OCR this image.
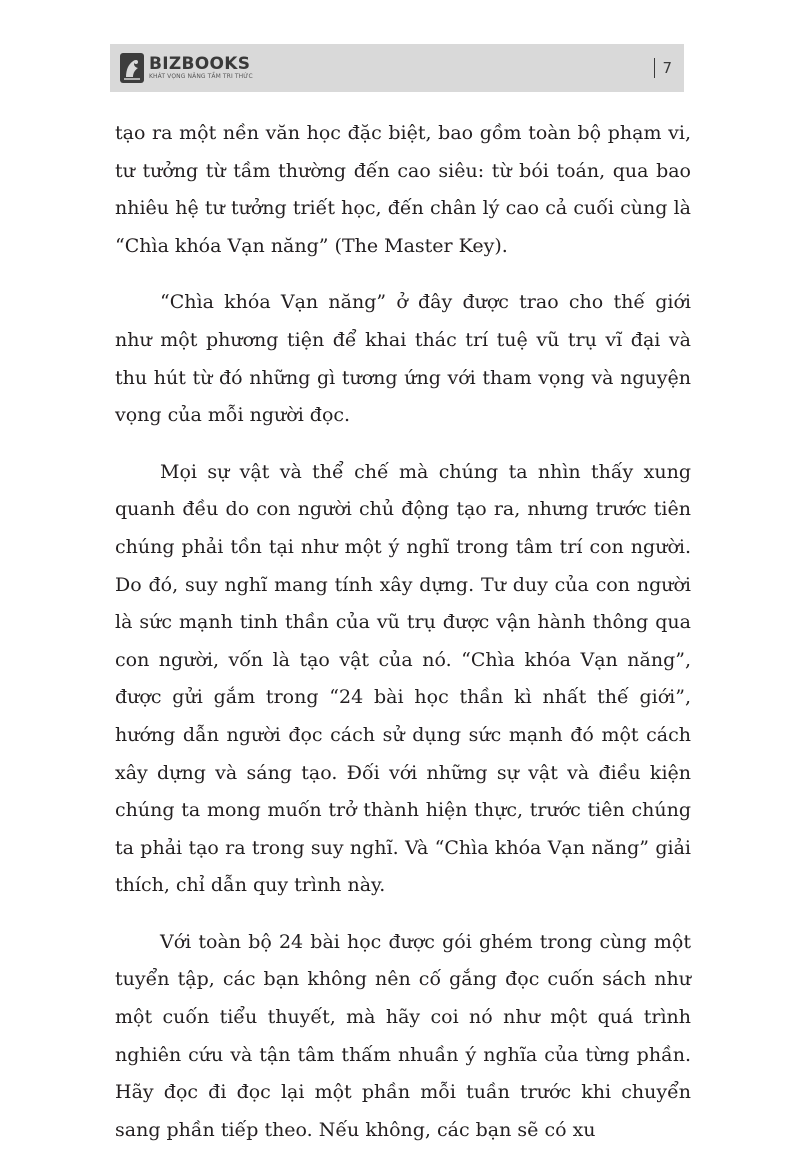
BIZBOOKS
KHÁT VỌNG NÂNG TẦM TRI THỨC	7

tạo ra một nền văn học đặc biệt, bao gồm toàn bộ phạm vi, tư tưởng từ tầm thường đến cao siêu: từ bói toán, qua bao nhiêu hệ tư tưởng triết học, đến chân lý cao cả cuối cùng là “Chìa khóa Vạn năng” (The Master Key).

“Chìa khóa Vạn năng” ở đây được trao cho thế giới như một phương tiện để khai thác trí tuệ vũ trụ vĩ đại và thu hút từ đó những gì tương ứng với tham vọng và nguyện vọng của mỗi người đọc.

Mọi sự vật và thể chế mà chúng ta nhìn thấy xung quanh đều do con người chủ động tạo ra, nhưng trước tiên chúng phải tồn tại như một ý nghĩ trong tâm trí con người. Do đó, suy nghĩ mang tính xây dựng. Tư duy của con người là sức mạnh tinh thần của vũ trụ được vận hành thông qua con người, vốn là tạo vật của nó. “Chìa khóa Vạn năng”, được gửi gắm trong “24 bài học thần kì nhất thế giới”, hướng dẫn người đọc cách sử dụng sức mạnh đó một cách xây dựng và sáng tạo. Đối với những sự vật và điều kiện chúng ta mong muốn trở thành hiện thực, trước tiên chúng ta phải tạo ra trong suy nghĩ. Và “Chìa khóa Vạn năng” giải thích, chỉ dẫn quy trình này.

Với toàn bộ 24 bài học được gói ghém trong cùng một tuyển tập, các bạn không nên cố gắng đọc cuốn sách như một cuốn tiểu thuyết, mà hãy coi nó như một quá trình nghiên cứu và tận tâm thấm nhuần ý nghĩa của từng phần. Hãy đọc đi đọc lại một phần mỗi tuần trước khi chuyển sang phần tiếp theo. Nếu không, các bạn sẽ có xu
